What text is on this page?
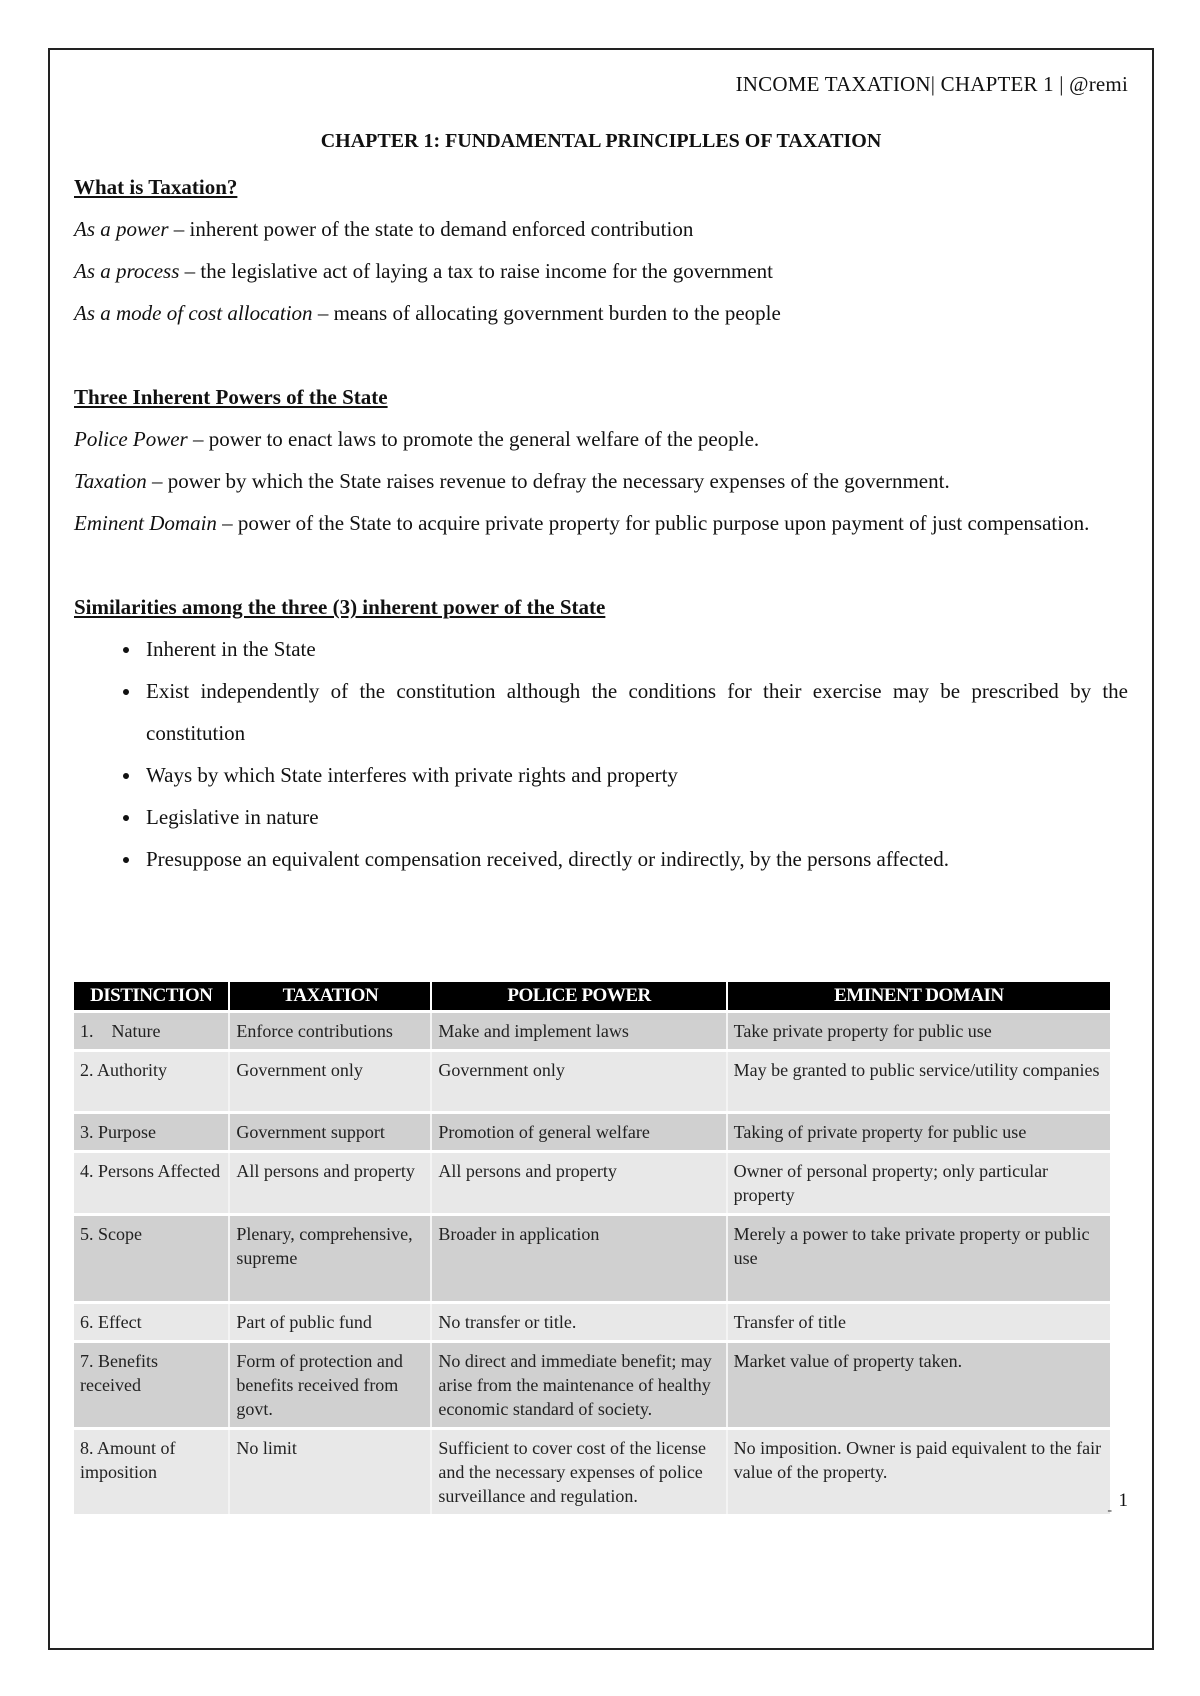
INCOME TAXATION| CHAPTER 1 | @remi
CHAPTER 1: FUNDAMENTAL PRINCIPLLES OF TAXATION

What is Taxation?

As a power – inherent power of the state to demand enforced contribution

As a process – the legislative act of laying a tax to raise income for the government

As a mode of cost allocation – means of allocating government burden to the people

Three Inherent Powers of the State

Police Power – power to enact laws to promote the general welfare of the people.

Taxation – power by which the State raises revenue to defray the necessary expenses of the government.

Eminent Domain – power of the State to acquire private property for public purpose upon payment of just compensation.

Similarities among the three (3) inherent power of the State

• Inherent in the State
• Exist independently of the constitution although the conditions for their exercise may be prescribed by the constitution
• Ways by which State interferes with private rights and property
• Legislative in nature
• Presuppose an equivalent compensation received, directly or indirectly, by the persons affected.
DISTINCTION	TAXATION	POLICE POWER	EMINENT DOMAIN
1.    Nature	Enforce contributions	Make and implement laws	Take private property for public use
2. Authority	Government only	Government only	May be granted to public service/utility companies
3. Purpose	Government support	Promotion of general welfare	Taking of private property for public use
4. Persons Affected	All persons and property	All persons and property	Owner of personal property; only particular property
5. Scope	Plenary, comprehensive, supreme	Broader in application	Merely a power to take private property or public use
6. Effect	Part of public fund	No transfer or title.	Transfer of title
7. Benefits received	Form of protection and benefits received from govt.	No direct and immediate benefit; may arise from the maintenance of healthy economic standard of society.	Market value of property taken.
8. Amount of imposition	No limit	Sufficient to cover cost of the license and the necessary expenses of police surveillance and regulation.	No imposition. Owner is paid equivalent to the fair value of the property.
- 1
